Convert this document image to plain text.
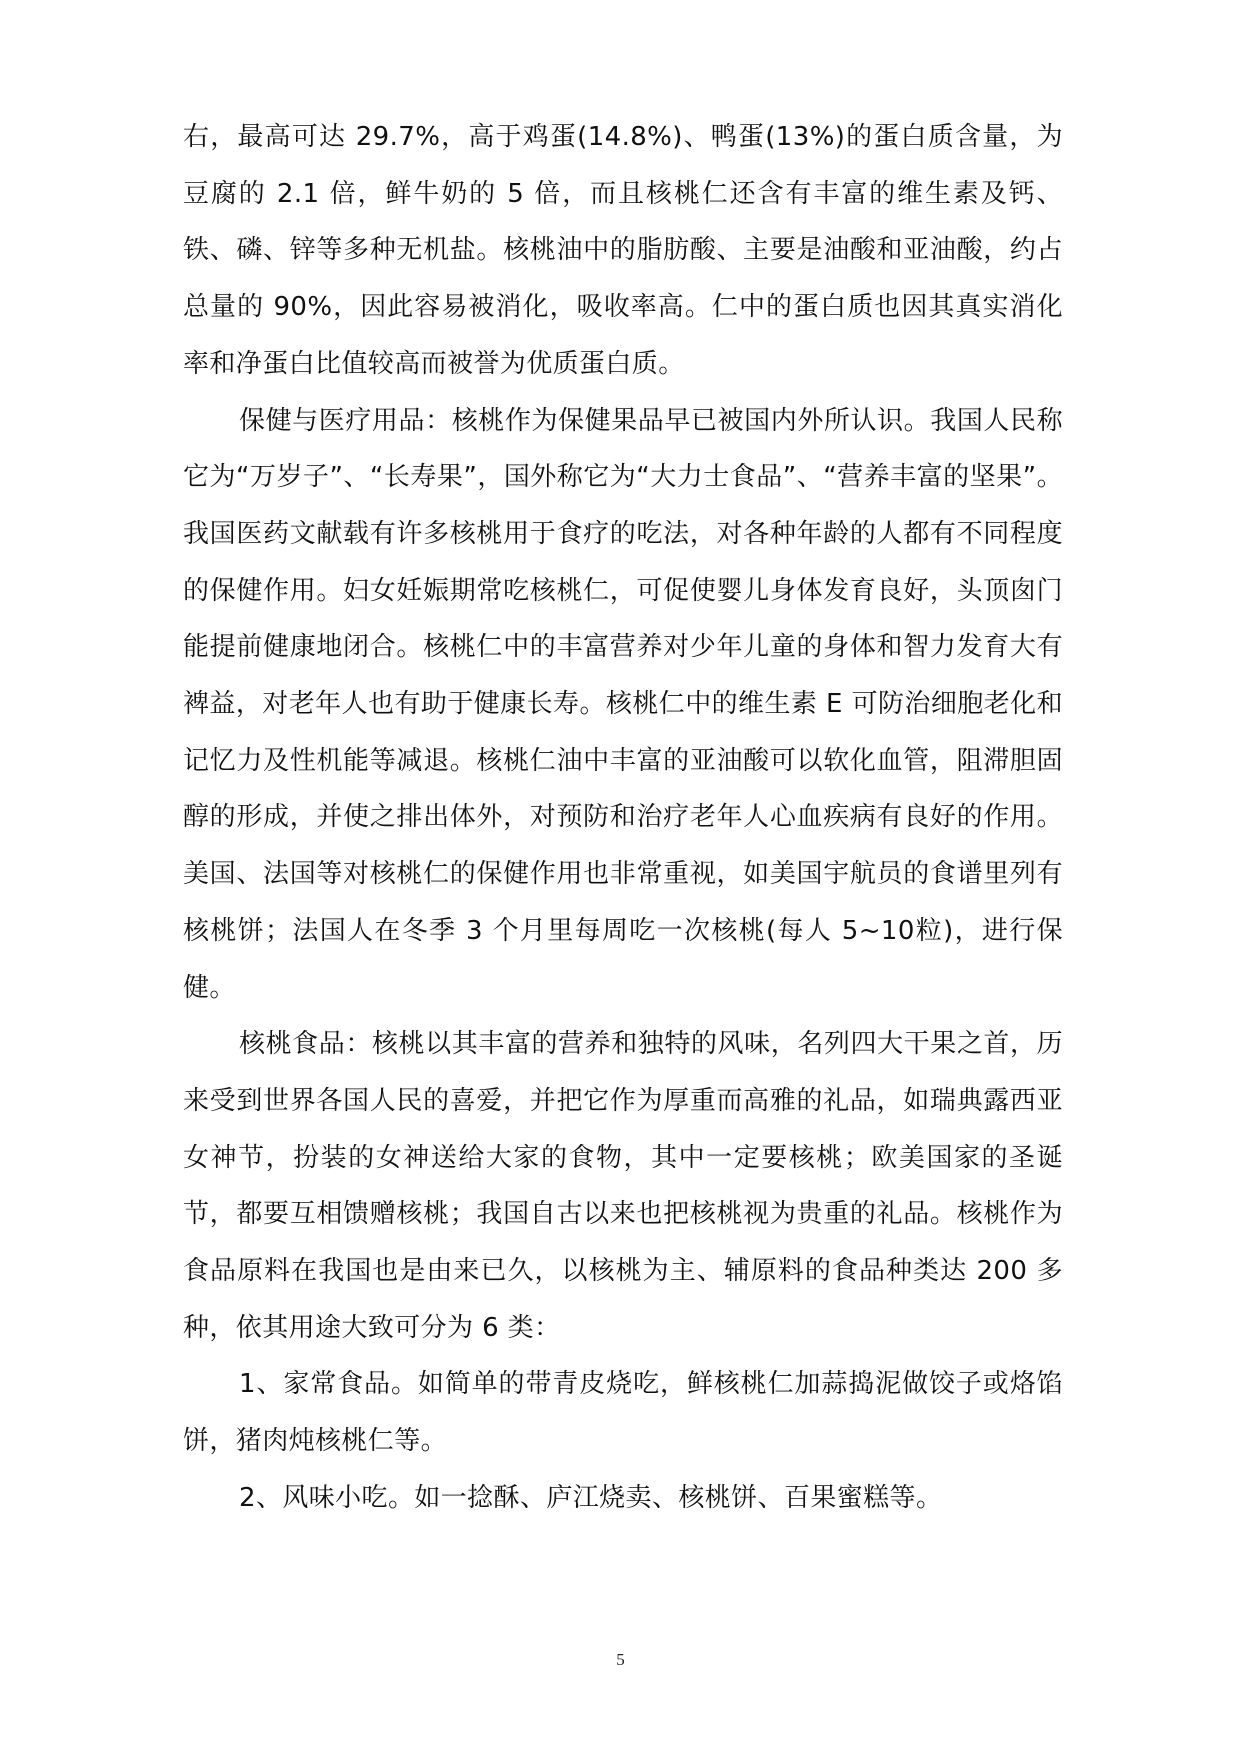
右，最高可达 29.7%，高于鸡蛋(14.8%)、鸭蛋(13%)的蛋白质含量，为豆腐的 2.1 倍，鲜牛奶的 5 倍，而且核桃仁还含有丰富的维生素及钙、铁、磷、锌等多种无机盐。核桃油中的脂肪酸、主要是油酸和亚油酸，约占总量的 90%，因此容易被消化，吸收率高。仁中的蛋白质也因其真实消化率和净蛋白比值较高而被誉为优质蛋白质。

保健与医疗用品：核桃作为保健果品早已被国内外所认识。我国人民称它为“万岁子”、“长寿果”，国外称它为“大力士食品”、“营养丰富的坚果”。我国医药文献载有许多核桃用于食疗的吃法，对各种年龄的人都有不同程度的保健作用。妇女妊娠期常吃核桃仁，可促使婴儿身体发育良好，头顶囱门能提前健康地闭合。核桃仁中的丰富营养对少年儿童的身体和智力发育大有裨益，对老年人也有助于健康长寿。核桃仁中的维生素 E 可防治细胞老化和记忆力及性机能等减退。核桃仁油中丰富的亚油酸可以软化血管，阻滞胆固醇的形成，并使之排出体外，对预防和治疗老年人心血疾病有良好的作用。美国、法国等对核桃仁的保健作用也非常重视，如美国宇航员的食谱里列有核桃饼；法国人在冬季 3 个月里每周吃一次核桃(每人 5~10粒)，进行保健。

核桃食品：核桃以其丰富的营养和独特的风味，名列四大干果之首，历来受到世界各国人民的喜爱，并把它作为厚重而高雅的礼品，如瑞典露西亚女神节，扮装的女神送给大家的食物，其中一定要核桃；欧美国家的圣诞节，都要互相馈赠核桃；我国自古以来也把核桃视为贵重的礼品。核桃作为食品原料在我国也是由来已久，以核桃为主、辅原料的食品种类达 200 多种，依其用途大致可分为 6 类：

1、家常食品。如简单的带青皮烧吃，鲜核桃仁加蒜捣泥做饺子或烙馅饼，猪肉炖核桃仁等。

2、风味小吃。如一捻酥、庐江烧卖、核桃饼、百果蜜糕等。

5
